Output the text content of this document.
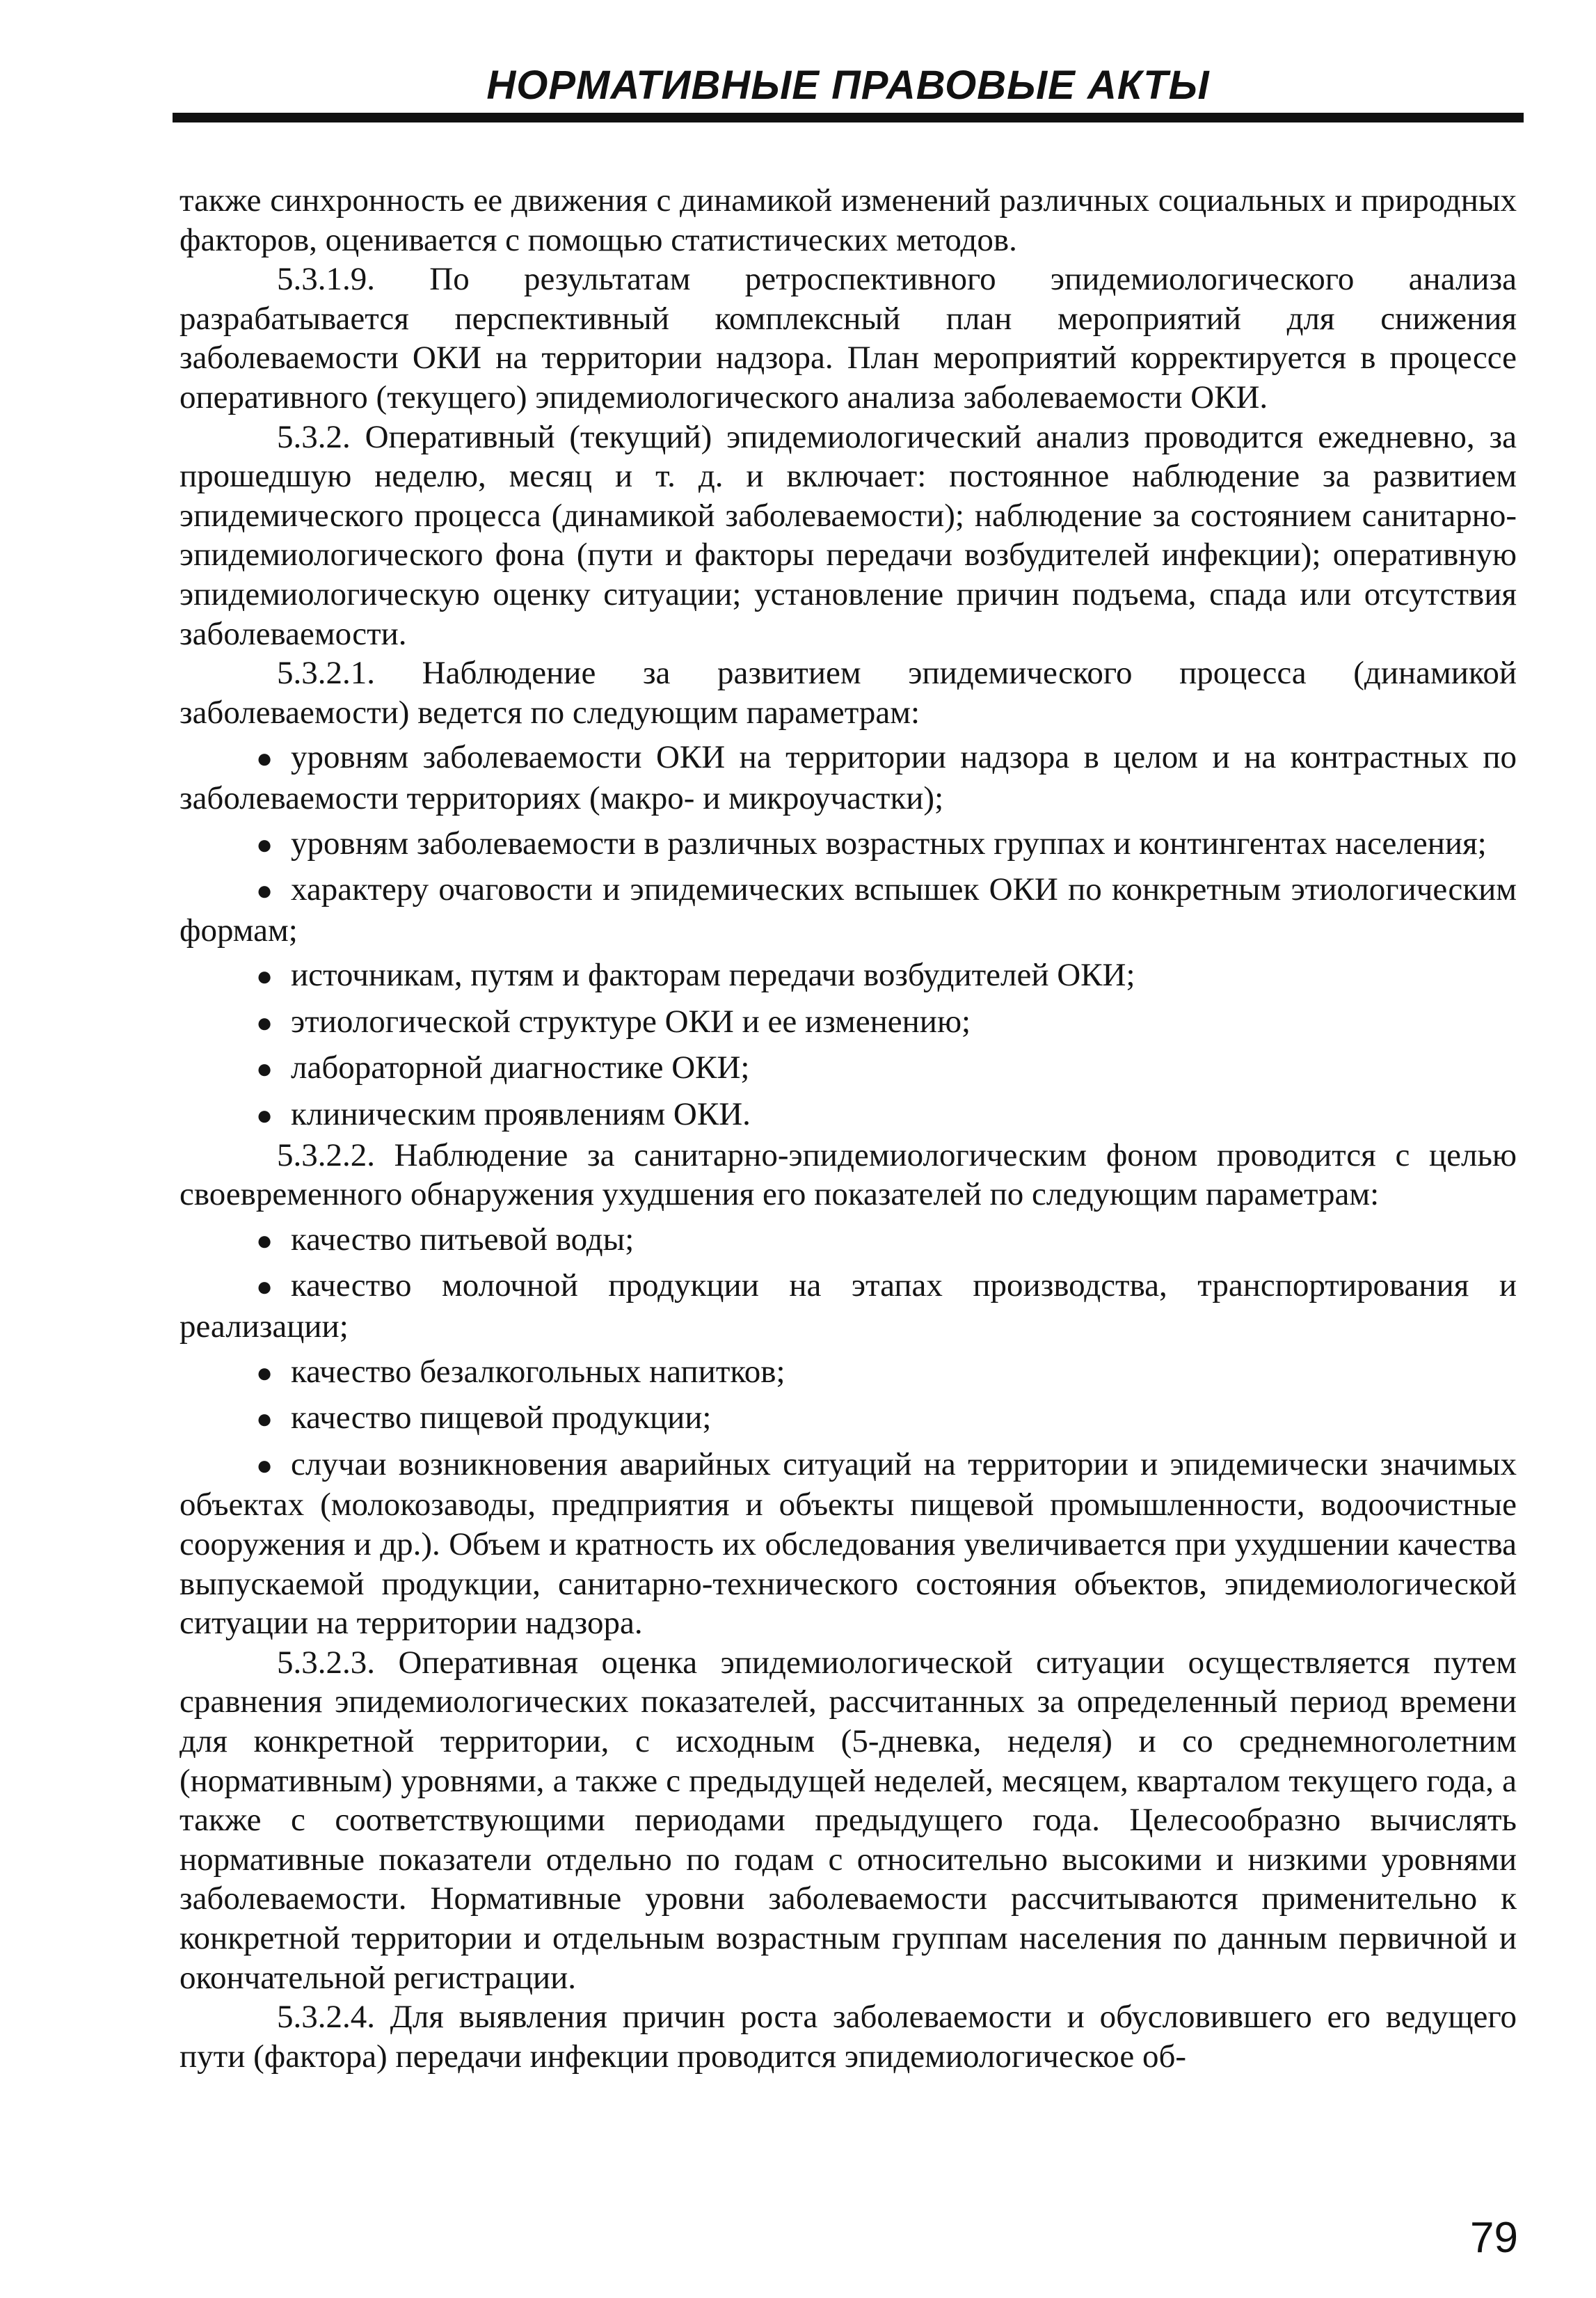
НОРМАТИВНЫЕ ПРАВОВЫЕ АКТЫ

также синхронность ее движения с динамикой изменений различных социальных и природных факторов, оценивается с помощью статистических методов.

5.3.1.9. По результатам ретроспективного эпидемиологического анализа разрабатывается перспективный комплексный план мероприятий для снижения заболеваемости ОКИ на территории надзора. План мероприятий корректируется в процессе оперативного (текущего) эпидемиологического анализа заболеваемости ОКИ.

5.3.2. Оперативный (текущий) эпидемиологический анализ проводится ежедневно, за прошедшую неделю, месяц и т. д. и включает: постоянное наблюдение за развитием эпидемического процесса (динамикой заболеваемости); наблюдение за состоянием санитарно-эпидемиологического фона (пути и факторы передачи возбудителей инфекции); оперативную эпидемиологическую оценку ситуации; установление причин подъема, спада или отсутствия заболеваемости.

5.3.2.1. Наблюдение за развитием эпидемического процесса (динамикой заболеваемости) ведется по следующим параметрам:

● уровням заболеваемости ОКИ на территории надзора в целом и на контрастных по заболеваемости территориях (макро- и микроучастки);

● уровням заболеваемости в различных возрастных группах и контингентах населения;

● характеру очаговости и эпидемических вспышек ОКИ по конкретным этиологическим формам;

● источникам, путям и факторам передачи возбудителей ОКИ;

● этиологической структуре ОКИ и ее изменению;

● лабораторной диагностике ОКИ;

● клиническим проявлениям ОКИ.

5.3.2.2. Наблюдение за санитарно-эпидемиологическим фоном проводится с целью своевременного обнаружения ухудшения его показателей по следующим параметрам:

● качество питьевой воды;

● качество молочной продукции на этапах производства, транспортирования и реализации;

● качество безалкогольных напитков;

● качество пищевой продукции;

● случаи возникновения аварийных ситуаций на территории и эпидемически значимых объектах (молокозаводы, предприятия и объекты пищевой промышленности, водоочистные сооружения и др.). Объем и кратность их обследования увеличивается при ухудшении качества выпускаемой продукции, санитарно-технического состояния объектов, эпидемиологической ситуации на территории надзора.

5.3.2.3. Оперативная оценка эпидемиологической ситуации осуществляется путем сравнения эпидемиологических показателей, рассчитанных за определенный период времени для конкретной территории, с исходным (5-дневка, неделя) и со среднемноголетним (нормативным) уровнями, а также с предыдущей неделей, месяцем, кварталом текущего года, а также с соответствующими периодами предыдущего года. Целесообразно вычислять нормативные показатели отдельно по годам с относительно высокими и низкими уровнями заболеваемости. Нормативные уровни заболеваемости рассчитываются применительно к конкретной территории и отдельным возрастным группам населения по данным первичной и окончательной регистрации.

5.3.2.4. Для выявления причин роста заболеваемости и обусловившего его ведущего пути (фактора) передачи инфекции проводится эпидемиологическое об-

79
